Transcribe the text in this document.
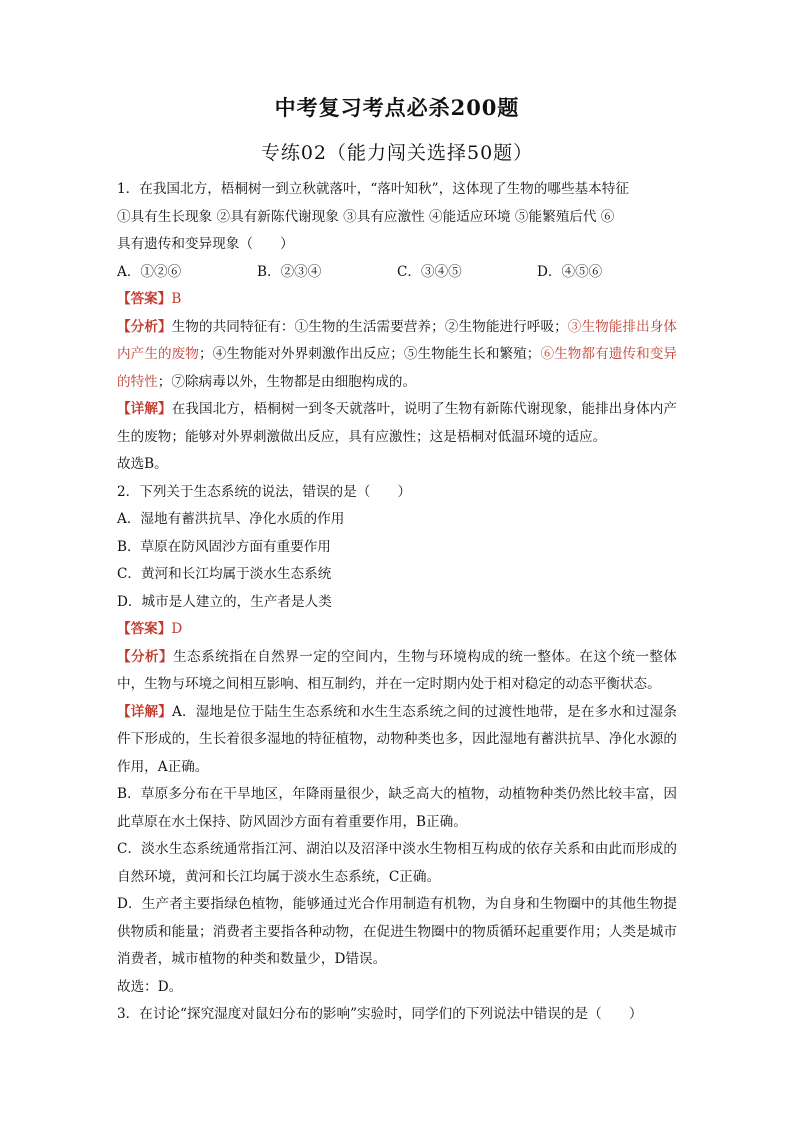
中考复习考点必杀200题
专练02（能力闯关选择50题）
1．在我国北方，梧桐树一到立秋就落叶，“落叶知秋”，这体现了生物的哪些基本特征
①具有生长现象 ②具有新陈代谢现象 ③具有应激性 ④能适应环境 ⑤能繁殖后代 ⑥
具有遗传和变异现象（　　）
A．①②⑥	B．②③④	C．③④⑤	D．④⑤⑥
【答案】B
【分析】生物的共同特征有：①生物的生活需要营养；②生物能进行呼吸；③生物能排出身体内产生的废物；④生物能对外界刺激作出反应；⑤生物能生长和繁殖；⑥生物都有遗传和变异的特性；⑦除病毒以外，生物都是由细胞构成的。
【详解】在我国北方，梧桐树一到冬天就落叶，说明了生物有新陈代谢现象，能排出身体内产生的废物；能够对外界刺激做出反应，具有应激性；这是梧桐对低温环境的适应。
故选B。
2．下列关于生态系统的说法，错误的是（　　）
A．湿地有蓄洪抗旱、净化水质的作用
B．草原在防风固沙方面有重要作用
C．黄河和长江均属于淡水生态系统
D．城市是人建立的，生产者是人类
【答案】D
【分析】生态系统指在自然界一定的空间内，生物与环境构成的统一整体。在这个统一整体中，生物与环境之间相互影响、相互制约，并在一定时期内处于相对稳定的动态平衡状态。
【详解】A．湿地是位于陆生生态系统和水生生态系统之间的过渡性地带，是在多水和过湿条件下形成的，生长着很多湿地的特征植物，动物种类也多，因此湿地有蓄洪抗旱、净化水源的作用，A正确。
B．草原多分布在干旱地区，年降雨量很少，缺乏高大的植物，动植物种类仍然比较丰富，因此草原在水土保持、防风固沙方面有着重要作用，B正确。
C．淡水生态系统通常指江河、湖泊以及沼泽中淡水生物相互构成的依存关系和由此而形成的自然环境，黄河和长江均属于淡水生态系统，C正确。
D．生产者主要指绿色植物，能够通过光合作用制造有机物，为自身和生物圈中的其他生物提供物质和能量；消费者主要指各种动物，在促进生物圈中的物质循环起重要作用；人类是城市消费者，城市植物的种类和数量少，D错误。
故选：D。
3．在讨论“探究湿度对鼠妇分布的影响”实验时，同学们的下列说法中错误的是（　　）
